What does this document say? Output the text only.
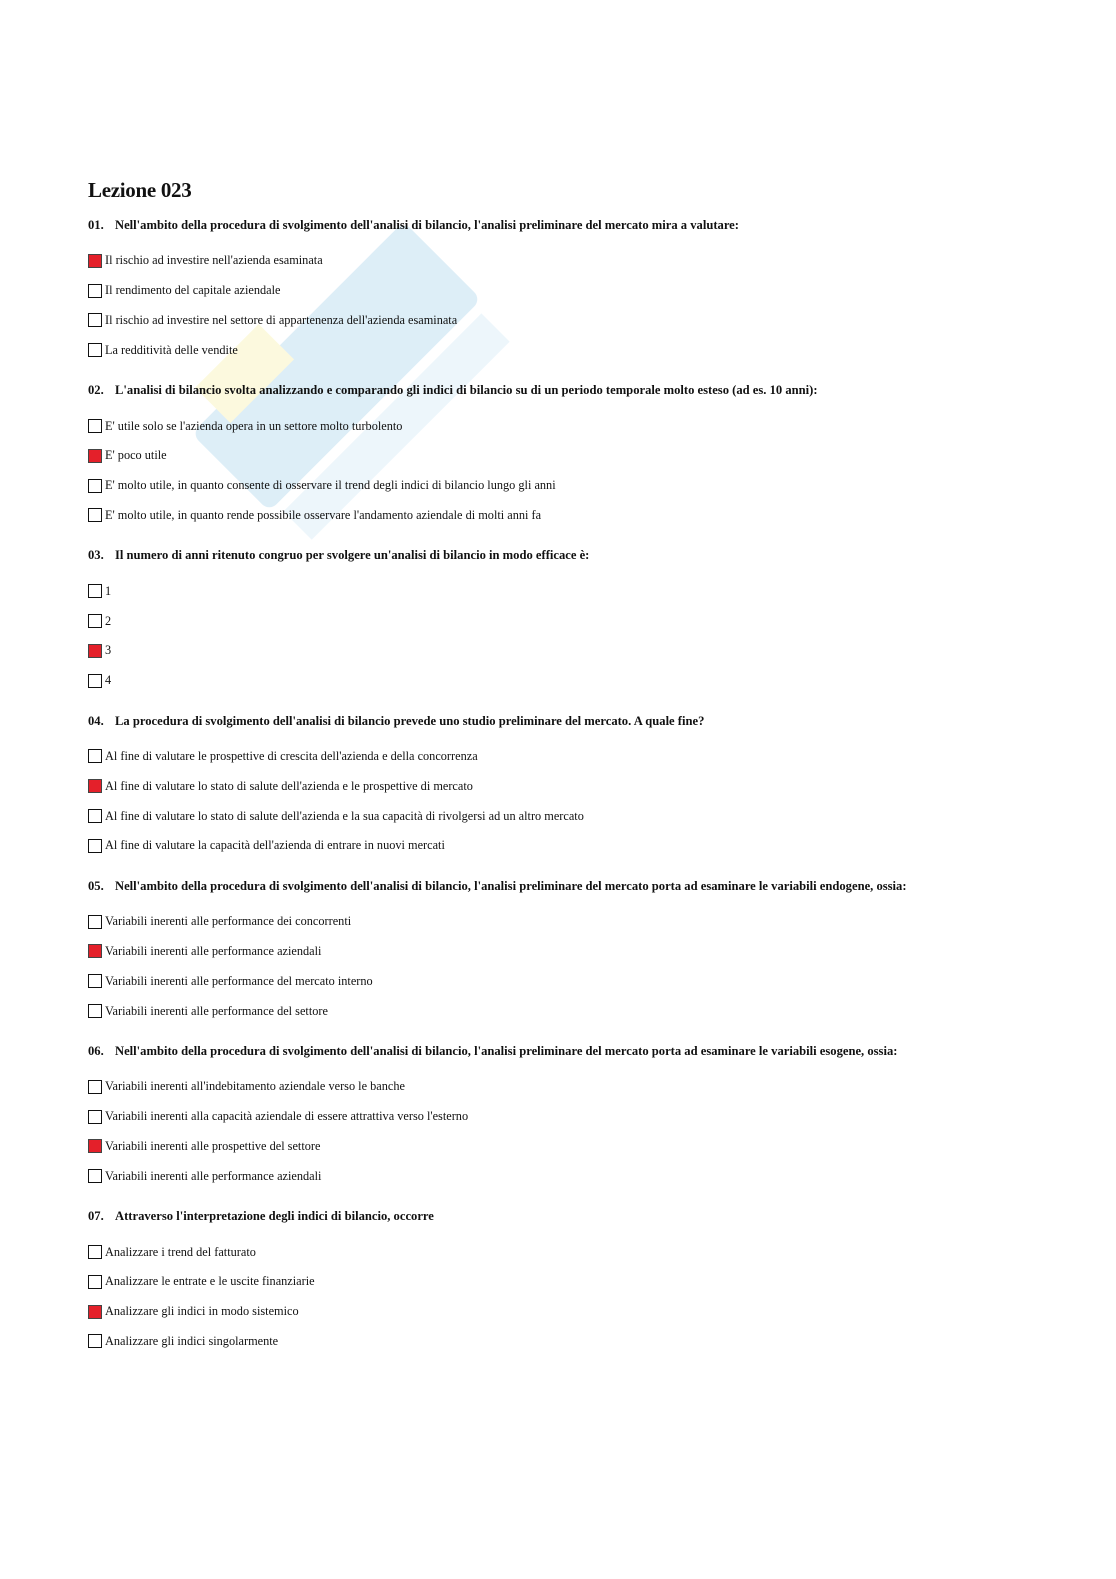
Lezione 023
01. Nell'ambito della procedura di svolgimento dell'analisi di bilancio, l'analisi preliminare del mercato mira a valutare:
Il rischio ad investire nell'azienda esaminata
Il rendimento del capitale aziendale
Il rischio ad investire nel settore di appartenenza dell'azienda esaminata
La redditività delle vendite
02. L'analisi di bilancio svolta analizzando e comparando gli indici di bilancio su di un periodo temporale molto esteso (ad es. 10 anni):
E' utile solo se l'azienda opera in un settore molto turbolento
E' poco utile
E' molto utile, in quanto consente di osservare il trend degli indici di bilancio lungo gli anni
E' molto utile, in quanto rende possibile osservare l'andamento aziendale di molti anni fa
03. Il numero di anni ritenuto congruo per svolgere un'analisi di bilancio in modo efficace è:
1
2
3
4
04. La procedura di svolgimento dell'analisi di bilancio prevede uno studio preliminare del mercato. A quale fine?
Al fine di valutare le prospettive di crescita dell'azienda e della concorrenza
Al fine di valutare lo stato di salute dell'azienda e le prospettive di mercato
Al fine di valutare lo stato di salute dell'azienda e la sua capacità di rivolgersi ad un altro mercato
Al fine di valutare la capacità dell'azienda di entrare in nuovi mercati
05. Nell'ambito della procedura di svolgimento dell'analisi di bilancio, l'analisi preliminare del mercato porta ad esaminare le variabili endogene, ossia:
Variabili inerenti alle performance dei concorrenti
Variabili inerenti alle performance aziendali
Variabili inerenti alle performance del mercato interno
Variabili inerenti alle performance del settore
06. Nell'ambito della procedura di svolgimento dell'analisi di bilancio, l'analisi preliminare del mercato porta ad esaminare le variabili esogene, ossia:
Variabili inerenti all'indebitamento aziendale verso le banche
Variabili inerenti alla capacità aziendale di essere attrattiva verso l'esterno
Variabili inerenti alle prospettive del settore
Variabili inerenti alle performance aziendali
07. Attraverso l'interpretazione degli indici di bilancio, occorre
Analizzare i trend del fatturato
Analizzare le entrate e le uscite finanziarie
Analizzare gli indici in modo sistemico
Analizzare gli indici singolarmente
